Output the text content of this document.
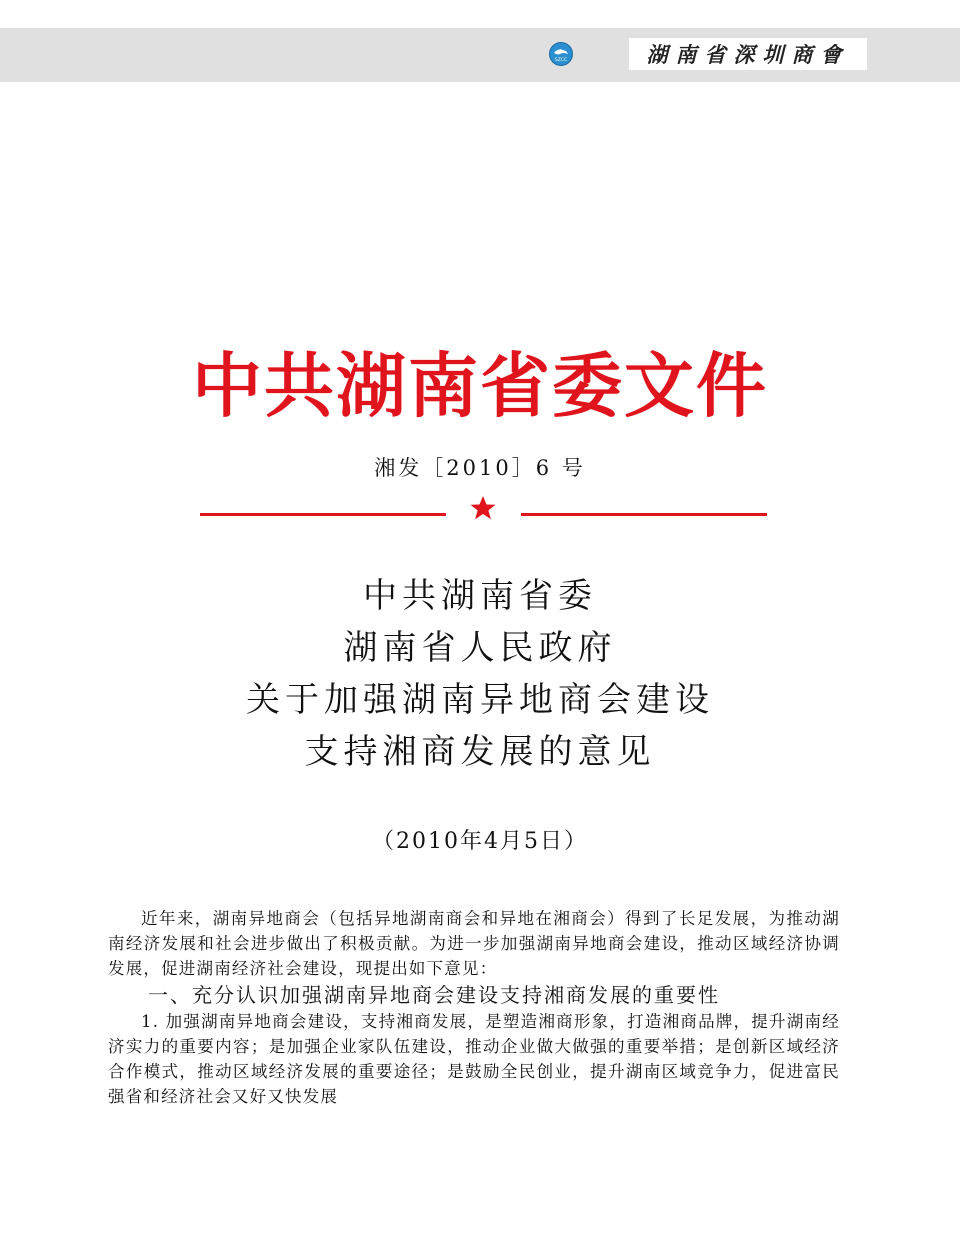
SZCC	湖南省深圳商會
中共湖南省委文件
湘发［2010］6 号
中共湖南省委
湖南省人民政府
关于加强湖南异地商会建设
支持湘商发展的意见
（2010年4月5日）

近年来，湖南异地商会（包括异地湖南商会和异地在湘商会）得到了长足发展，为推动湖南经济发展和社会进步做出了积极贡献。为进一步加强湖南异地商会建设，推动区域经济协调发展，促进湖南经济社会建设，现提出如下意见：

一、充分认识加强湖南异地商会建设支持湘商发展的重要性

1. 加强湖南异地商会建设，支持湘商发展，是塑造湘商形象，打造湘商品牌，提升湖南经济实力的重要内容；是加强企业家队伍建设，推动企业做大做强的重要举措；是创新区域经济合作模式，推动区域经济发展的重要途径；是鼓励全民创业，提升湖南区域竞争力，促进富民强省和经济社会又好又快发展
